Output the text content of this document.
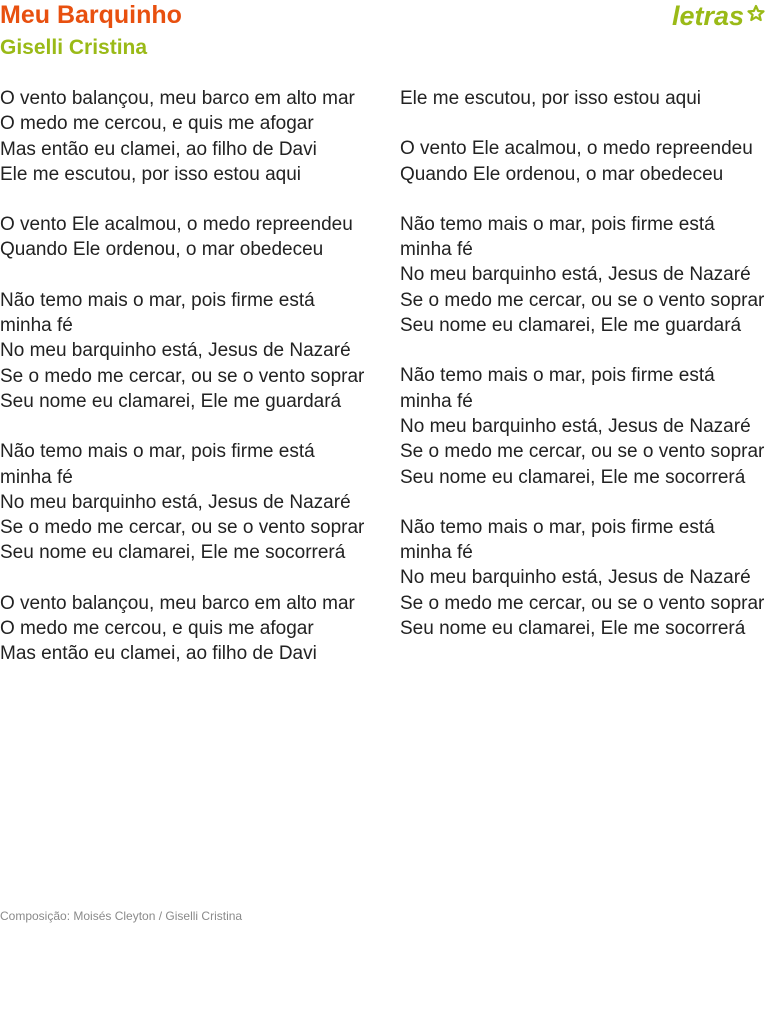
Meu Barquinho
Giselli Cristina
letras
O vento balançou, meu barco em alto mar
O medo me cercou, e quis me afogar
Mas então eu clamei, ao filho de Davi
Ele me escutou, por isso estou aqui
O vento Ele acalmou, o medo repreendeu
Quando Ele ordenou, o mar obedeceu
Não temo mais o mar, pois firme está minha fé
No meu barquinho está, Jesus de Nazaré
Se o medo me cercar, ou se o vento soprar
Seu nome eu clamarei, Ele me guardará
Não temo mais o mar, pois firme está minha fé
No meu barquinho está, Jesus de Nazaré
Se o medo me cercar, ou se o vento soprar
Seu nome eu clamarei, Ele me socorrerá
O vento balançou, meu barco em alto mar
O medo me cercou, e quis me afogar
Mas então eu clamei, ao filho de Davi
Ele me escutou, por isso estou aqui
O vento Ele acalmou, o medo repreendeu
Quando Ele ordenou, o mar obedeceu
Não temo mais o mar, pois firme está minha fé
No meu barquinho está, Jesus de Nazaré
Se o medo me cercar, ou se o vento soprar
Seu nome eu clamarei, Ele me guardará
Não temo mais o mar, pois firme está minha fé
No meu barquinho está, Jesus de Nazaré
Se o medo me cercar, ou se o vento soprar
Seu nome eu clamarei, Ele me socorrerá
Não temo mais o mar, pois firme está minha fé
No meu barquinho está, Jesus de Nazaré
Se o medo me cercar, ou se o vento soprar
Seu nome eu clamarei, Ele me socorrerá
Composição: Moisés Cleyton / Giselli Cristina
